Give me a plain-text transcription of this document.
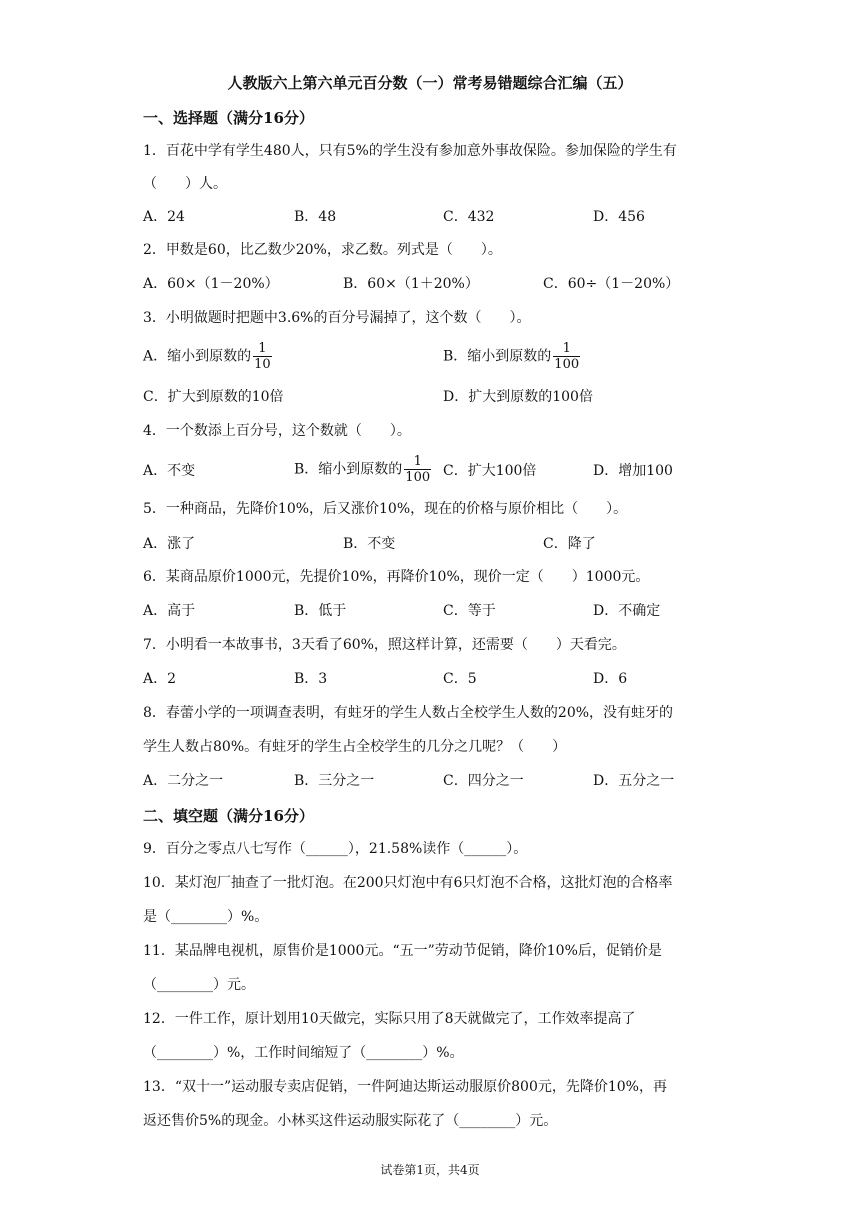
人教版六上第六单元百分数（一）常考易错题综合汇编（五）
一、选择题（满分16分）
1．百花中学有学生480人，只有5%的学生没有参加意外事故保险。参加保险的学生有
（　　）人。
A．24	B．48	C．432	D．456
2．甲数是60，比乙数少20%，求乙数。列式是（　　）。
A．60×（1－20%）	B．60×（1＋20%）	C．60÷（1－20%）
3．小明做题时把题中3.6%的百分号漏掉了，这个数（　　）。
A．缩小到原数的 $\frac{1}{10}$	B．缩小到原数的 $\frac{1}{100}$
C．扩大到原数的10倍	D．扩大到原数的100倍
4．一个数添上百分号，这个数就（　　）。
A．不变	B．缩小到原数的 $\frac{1}{100}$ C．扩大100倍	D．增加100
5．一种商品，先降价10%，后又涨价10%，现在的价格与原价相比（　　）。
A．涨了	B．不变	C．降了
6．某商品原价1000元，先提价10%，再降价10%，现价一定（　　）1000元。
A．高于	B．低于	C．等于	D．不确定
7．小明看一本故事书，3天看了60%，照这样计算，还需要（　　）天看完。
A．2	B．3	C．5	D．6
8．春蕾小学的一项调查表明，有蛀牙的学生人数占全校学生人数的20%，没有蛀牙的
学生人数占80%。有蛀牙的学生占全校学生的几分之几呢？（　　）
A．二分之一	B．三分之一	C．四分之一	D．五分之一
二、填空题（满分16分）
9．百分之零点八七写作（______），21.58%读作（______）。
10．某灯泡厂抽查了一批灯泡。在200只灯泡中有6只灯泡不合格，这批灯泡的合格率
是（________）%。
11．某品牌电视机，原售价是1000元。“五一”劳动节促销，降价10%后，促销价是
（________）元。
12．一件工作，原计划用10天做完，实际只用了8天就做完了，工作效率提高了
（________）%，工作时间缩短了（________）%。
13．“双十一”运动服专卖店促销，一件阿迪达斯运动服原价800元，先降价10%，再
返还售价5%的现金。小林买这件运动服实际花了（________）元。
试卷第1页，共4页
